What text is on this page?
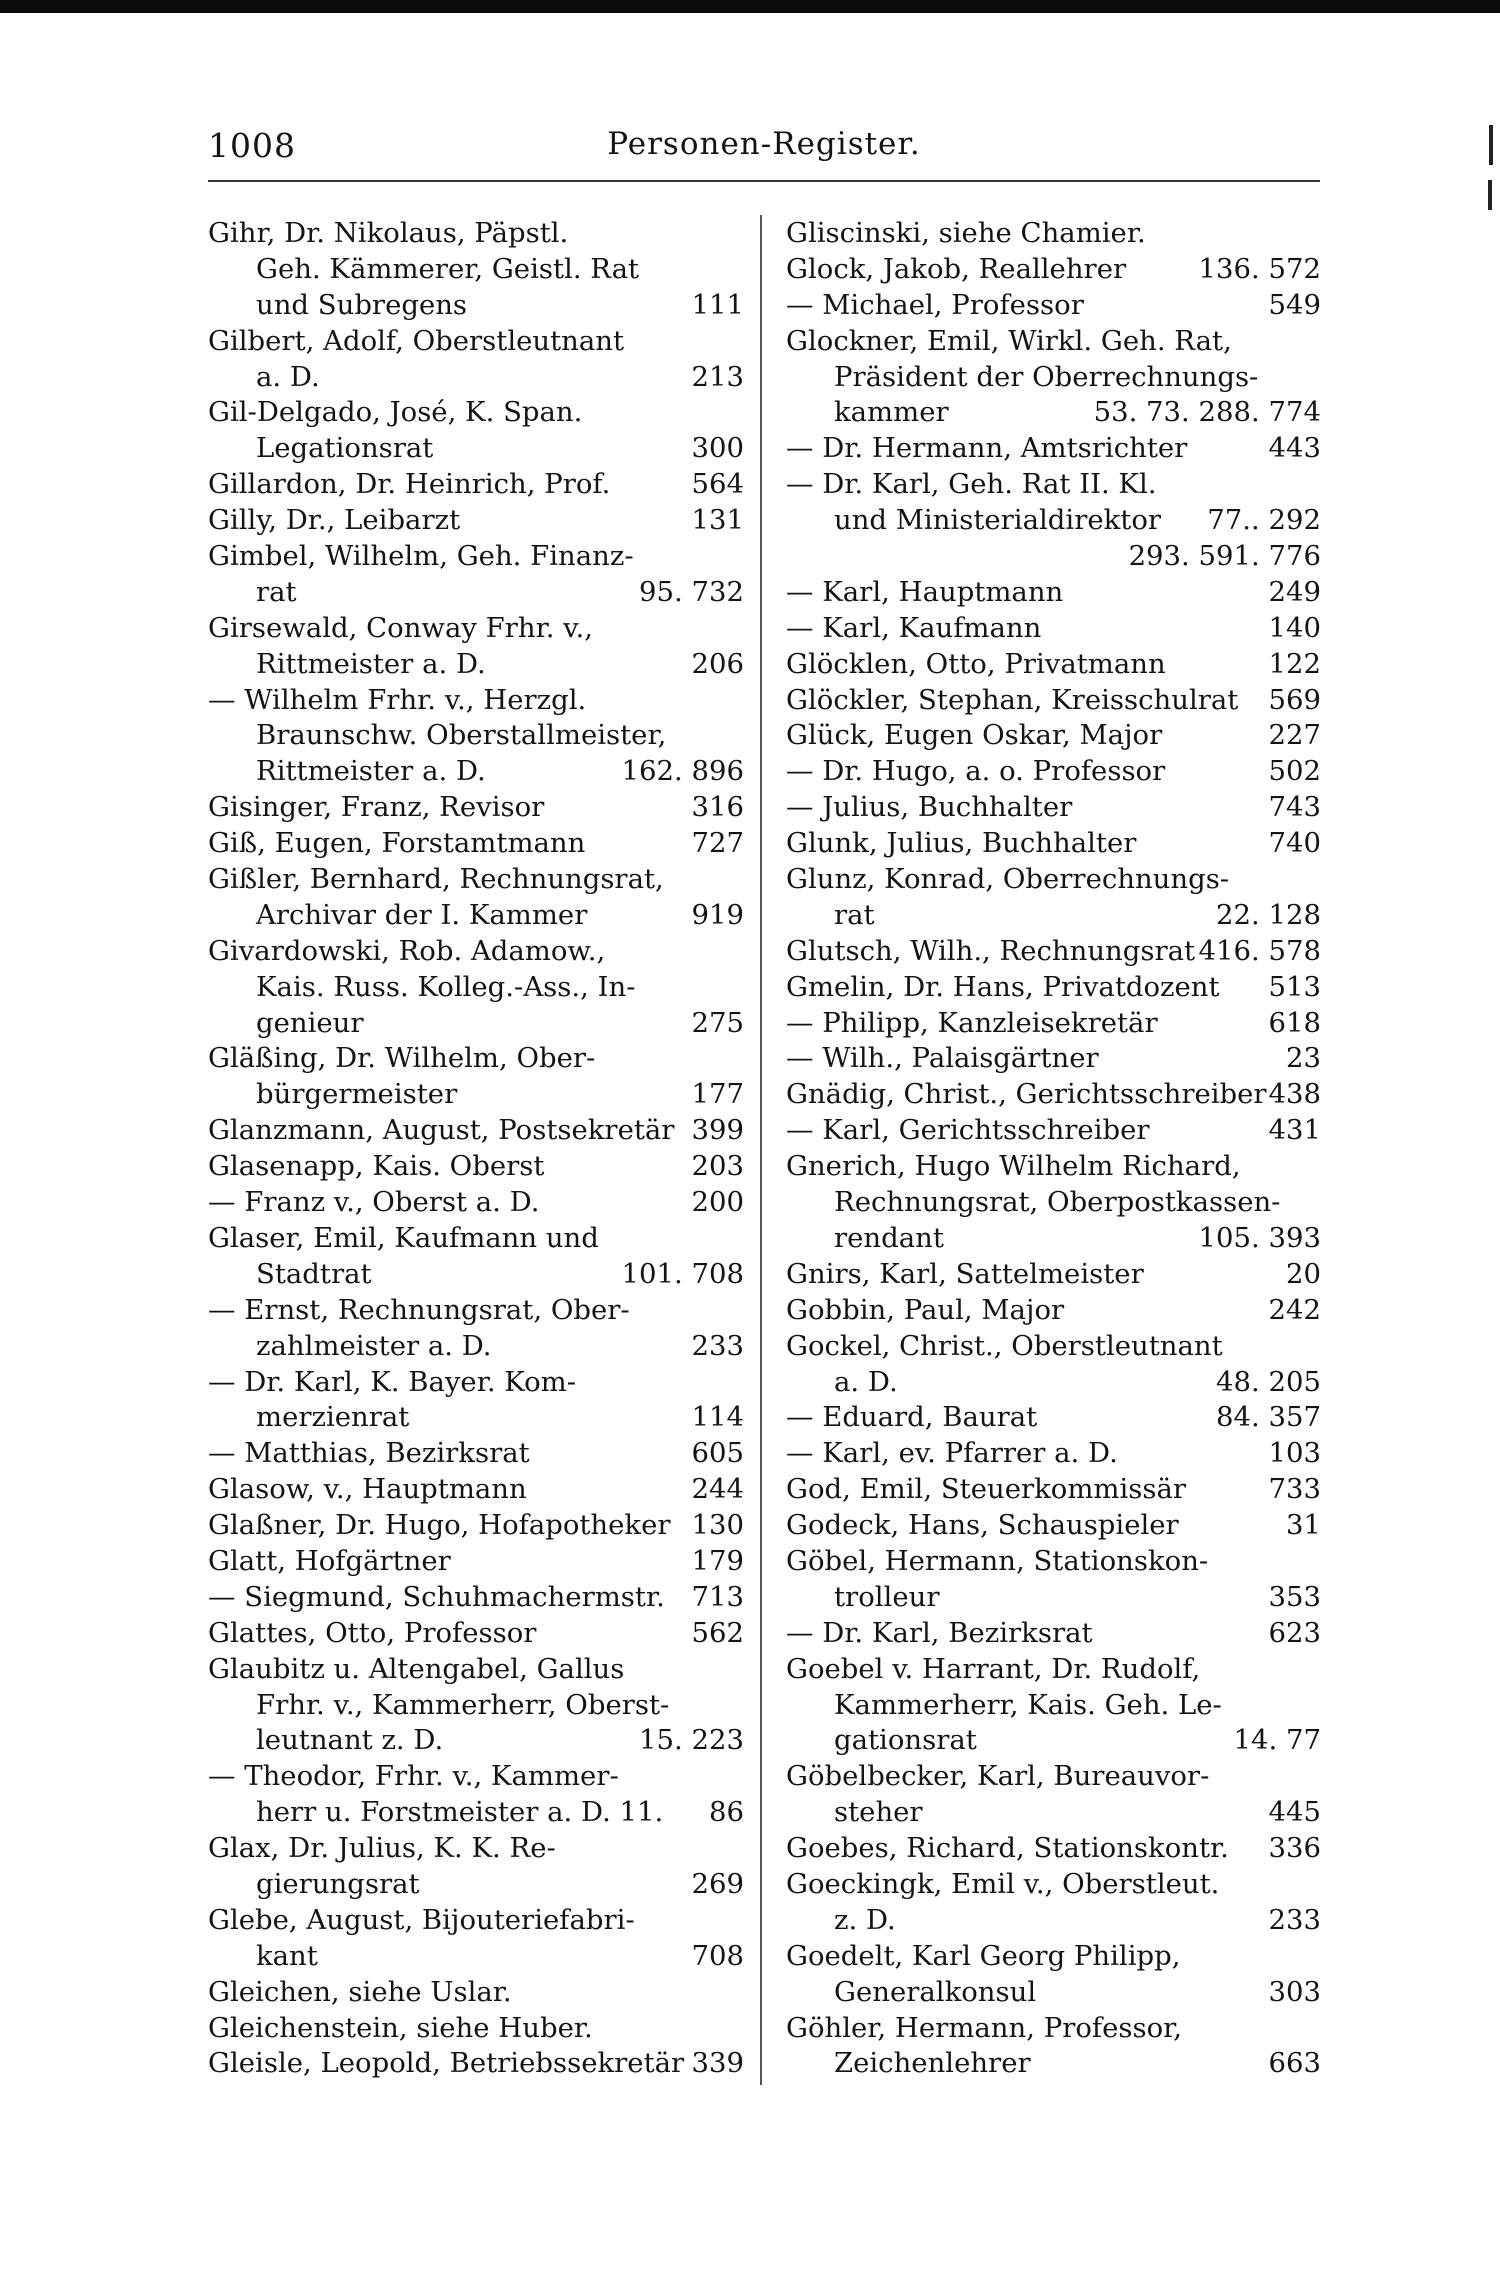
1008	Personen-Register.
Gihr, Dr. Nikolaus, Päpstl.
Geh. Kämmerer, Geistl. Rat
und Subregens	111
Gilbert, Adolf, Oberstleutnant
a. D.	213
Gil-Delgado, José, K. Span.
Legationsrat	300
Gillardon, Dr. Heinrich, Prof.	564
Gilly, Dr., Leibarzt	131
Gimbel, Wilhelm, Geh. Finanz-
rat	95. 732
Girsewald, Conway Frhr. v.,
Rittmeister a. D.	206
— Wilhelm Frhr. v., Herzgl.
Braunschw. Oberstallmeister,
Rittmeister a. D.	162. 896
Gisinger, Franz, Revisor	316
Giß, Eugen, Forstamtmann	727
Gißler, Bernhard, Rechnungsrat,
Archivar der I. Kammer	919
Givardowski, Rob. Adamow.,
Kais. Russ. Kolleg.-Ass., In-
genieur	275
Gläßing, Dr. Wilhelm, Ober-
bürgermeister	177
Glanzmann, August, Postsekretär 399
Glasenapp, Kais. Oberst	203
— Franz v., Oberst a. D.	200
Glaser, Emil, Kaufmann und
Stadtrat	101. 708
— Ernst, Rechnungsrat, Ober-
zahlmeister a. D.	233
— Dr. Karl, K. Bayer. Kom-
merzienrat	114
— Matthias, Bezirksrat	605
Glasow, v., Hauptmann	244
Glaßner, Dr. Hugo, Hofapotheker 130
Glatt, Hofgärtner	179
— Siegmund, Schuhmachermstr. 713
Glattes, Otto, Professor	562
Glaubitz u. Altengabel, Gallus
Frhr. v., Kammerherr, Oberst-
leutnant z. D.	15. 223
— Theodor, Frhr. v., Kammer-
herr u. Forstmeister a. D. 11. 86
Glax, Dr. Julius, K. K. Re-
gierungsrat	269
Glebe, August, Bijouteriefabri-
kant	708
Gleichen, siehe Uslar.
Gleichenstein, siehe Huber.
Gleisle, Leopold, Betriebssekretär 339
Gliscinski, siehe Chamier.
Glock, Jakob, Reallehrer	136. 572
— Michael, Professor	549
Glockner, Emil, Wirkl. Geh. Rat,
Präsident der Oberrechnungs-
kammer	53. 73. 288. 774
— Dr. Hermann, Amtsrichter	443
— Dr. Karl, Geh. Rat II. Kl.
und Ministerialdirektor 77.. 292
293. 591. 776
— Karl, Hauptmann	249
— Karl, Kaufmann	140
Glöcklen, Otto, Privatmann	122
Glöckler, Stephan, Kreisschulrat 569
Glück, Eugen Oskar, Major	227
— Dr. Hugo, a. o. Professor	502
— Julius, Buchhalter	743
Glunk, Julius, Buchhalter	740
Glunz, Konrad, Oberrechnungs-
rat	22. 128
Glutsch, Wilh., Rechnungsrat 416. 578
Gmelin, Dr. Hans, Privatdozent 513
— Philipp, Kanzleisekretär	618
— Wilh., Palaisgärtner	23
Gnädig, Christ., Gerichtsschreiber 438
— Karl, Gerichtsschreiber	431
Gnerich, Hugo Wilhelm Richard,
Rechnungsrat, Oberpostkassen-
rendant	105. 393
Gnirs, Karl, Sattelmeister	20
Gobbin, Paul, Major	242
Gockel, Christ., Oberstleutnant
a. D.	48. 205
— Eduard, Baurat	84. 357
— Karl, ev. Pfarrer a. D.	103
God, Emil, Steuerkommissär	733
Godeck, Hans, Schauspieler	31
Göbel, Hermann, Stationskon-
trolleur	353
— Dr. Karl, Bezirksrat	623
Goebel v. Harrant, Dr. Rudolf,
Kammerherr, Kais. Geh. Le-
gationsrat	14. 77
Göbelbecker, Karl, Bureauvor-
steher	445
Goebes, Richard, Stationskontr. 336
Goeckingk, Emil v., Oberstleut.
z. D.	233
Goedelt, Karl Georg Philipp,
Generalkonsul	303
Göhler, Hermann, Professor,
Zeichenlehrer	663
